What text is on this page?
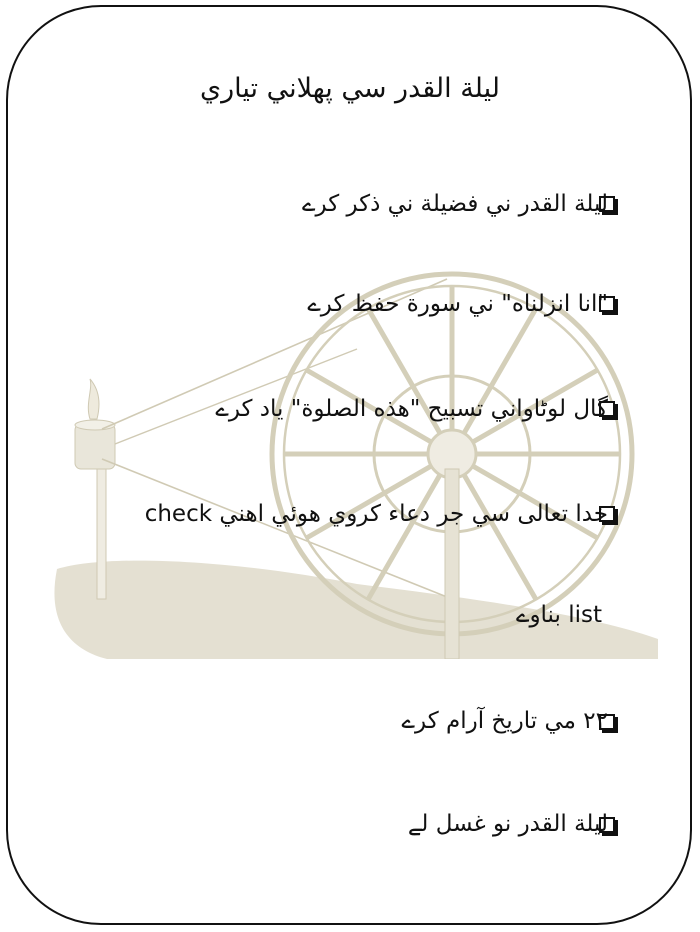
ليلة القدر سي پهلاني تياري
ليلة القدر ني فضيلة ني ذکر کرے
"انا انزلناه" ني سورة حفظ کرے
گال لوٹاواني تسبيح "هذه الصلوة" ياد کرے
خدا تعالى سي جر دعاء کروي هوئي اهني check
list بناوے
٢٢ مي تاريخ آرام کرے
ليلة القدر نو غسل لے
